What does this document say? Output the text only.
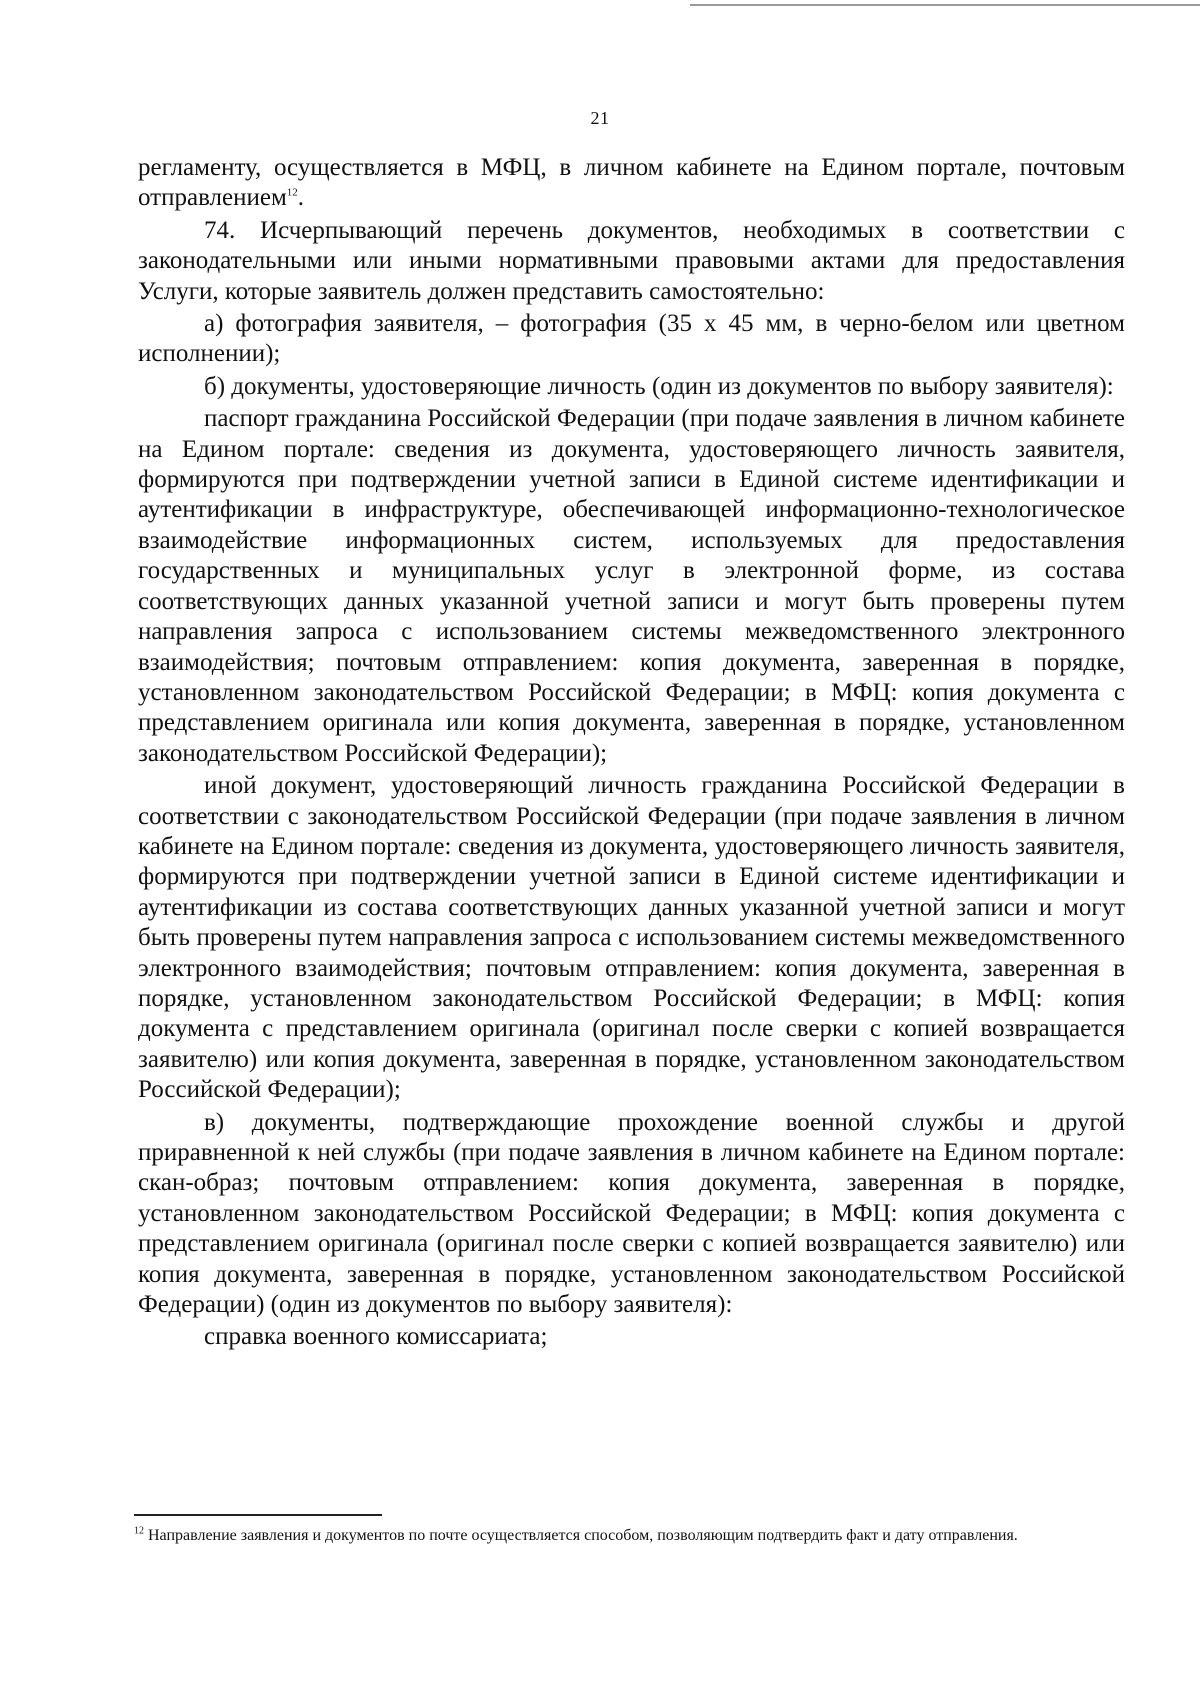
21

регламенту, осуществляется в МФЦ, в личном кабинете на Едином портале, почтовым отправлением$^{12}$.

74. Исчерпывающий перечень документов, необходимых в соответствии с законодательными или иными нормативными правовыми актами для предоставления Услуги, которые заявитель должен представить самостоятельно:

а) фотография заявителя, – фотография (35 х 45 мм, в черно-белом или цветном исполнении);

б) документы, удостоверяющие личность (один из документов по выбору заявителя):

паспорт гражданина Российской Федерации (при подаче заявления в личном кабинете на Едином портале: сведения из документа, удостоверяющего личность заявителя, формируются при подтверждении учетной записи в Единой системе идентификации и аутентификации в инфраструктуре, обеспечивающей информационно-технологическое взаимодействие информационных систем, используемых для предоставления государственных и муниципальных услуг в электронной форме, из состава соответствующих данных указанной учетной записи и могут быть проверены путем направления запроса с использованием системы межведомственного электронного взаимодействия; почтовым отправлением: копия документа, заверенная в порядке, установленном законодательством Российской Федерации; в МФЦ: копия документа с представлением оригинала или копия документа, заверенная в порядке, установленном законодательством Российской Федерации);

иной документ, удостоверяющий личность гражданина Российской Федерации в соответствии с законодательством Российской Федерации (при подаче заявления в личном кабинете на Едином портале: сведения из документа, удостоверяющего личность заявителя, формируются при подтверждении учетной записи в Единой системе идентификации и аутентификации из состава соответствующих данных указанной учетной записи и могут быть проверены путем направления запроса с использованием системы межведомственного электронного взаимодействия; почтовым отправлением: копия документа, заверенная в порядке, установленном законодательством Российской Федерации; в МФЦ: копия документа с представлением оригинала (оригинал после сверки с копией возвращается заявителю) или копия документа, заверенная в порядке, установленном законодательством Российской Федерации);

в) документы, подтверждающие прохождение военной службы и другой приравненной к ней службы (при подаче заявления в личном кабинете на Едином портале: скан-образ; почтовым отправлением: копия документа, заверенная в порядке, установленном законодательством Российской Федерации; в МФЦ: копия документа с представлением оригинала (оригинал после сверки с копией возвращается заявителю) или копия документа, заверенная в порядке, установленном законодательством Российской Федерации) (один из документов по выбору заявителя):

справка военного комиссариата;

$^{12}$ Направление заявления и документов по почте осуществляется способом, позволяющим подтвердить факт и дату отправления.
